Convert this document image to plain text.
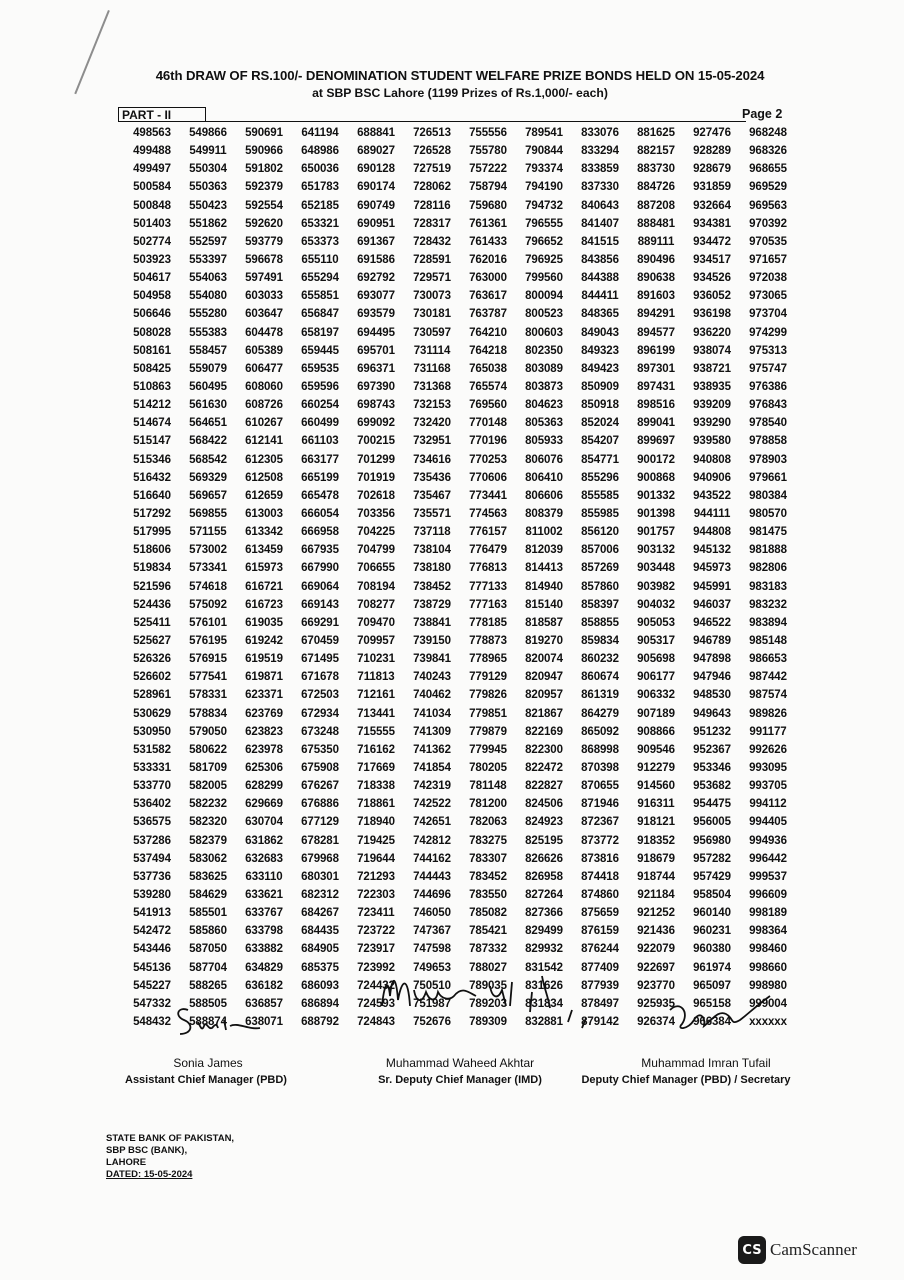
46th DRAW OF RS.100/- DENOMINATION STUDENT WELFARE PRIZE BONDS HELD ON 15-05-2024
at SBP BSC Lahore (1199 Prizes of Rs.1,000/- each)
PART - II	Page 2
498563	549866	590691	641194	688841	726513	755556	789541	833076	881625	927476	968248
499488	549911	590966	648986	689027	726528	755780	790844	833294	882157	928289	968326
499497	550304	591802	650036	690128	727519	757222	793374	833859	883730	928679	968655
500584	550363	592379	651783	690174	728062	758794	794190	837330	884726	931859	969529
500848	550423	592554	652185	690749	728116	759680	794732	840643	887208	932664	969563
501403	551862	592620	653321	690951	728317	761361	796555	841407	888481	934381	970392
502774	552597	593779	653373	691367	728432	761433	796652	841515	889111	934472	970535
503923	553397	596678	655110	691586	728591	762016	796925	843856	890496	934517	971657
504617	554063	597491	655294	692792	729571	763000	799560	844388	890638	934526	972038
504958	554080	603033	655851	693077	730073	763617	800094	844411	891603	936052	973065
506646	555280	603647	656847	693579	730181	763787	800523	848365	894291	936198	973704
508028	555383	604478	658197	694495	730597	764210	800603	849043	894577	936220	974299
508161	558457	605389	659445	695701	731114	764218	802350	849323	896199	938074	975313
508425	559079	606477	659535	696371	731168	765038	803089	849423	897301	938721	975747
510863	560495	608060	659596	697390	731368	765574	803873	850909	897431	938935	976386
514212	561630	608726	660254	698743	732153	769560	804623	850918	898516	939209	976843
514674	564651	610267	660499	699092	732420	770148	805363	852024	899041	939290	978540
515147	568422	612141	661103	700215	732951	770196	805933	854207	899697	939580	978858
515346	568542	612305	663177	701299	734616	770253	806076	854771	900172	940808	978903
516432	569329	612508	665199	701919	735436	770606	806410	855296	900868	940906	979661
516640	569657	612659	665478	702618	735467	773441	806606	855585	901332	943522	980384
517292	569855	613003	666054	703356	735571	774563	808379	855985	901398	944111	980570
517995	571155	613342	666958	704225	737118	776157	811002	856120	901757	944808	981475
518606	573002	613459	667935	704799	738104	776479	812039	857006	903132	945132	981888
519834	573341	615973	667990	706655	738180	776813	814413	857269	903448	945973	982806
521596	574618	616721	669064	708194	738452	777133	814940	857860	903982	945991	983183
524436	575092	616723	669143	708277	738729	777163	815140	858397	904032	946037	983232
525411	576101	619035	669291	709470	738841	778185	818587	858855	905053	946522	983894
525627	576195	619242	670459	709957	739150	778873	819270	859834	905317	946789	985148
526326	576915	619519	671495	710231	739841	778965	820074	860232	905698	947898	986653
526602	577541	619871	671678	711813	740243	779129	820947	860674	906177	947946	987442
528961	578331	623371	672503	712161	740462	779826	820957	861319	906332	948530	987574
530629	578834	623769	672934	713441	741034	779851	821867	864279	907189	949643	989826
530950	579050	623823	673248	715555	741309	779879	822169	865092	908866	951232	991177
531582	580622	623978	675350	716162	741362	779945	822300	868998	909546	952367	992626
533331	581709	625306	675908	717669	741854	780205	822472	870398	912279	953346	993095
533770	582005	628299	676267	718338	742319	781148	822827	870655	914560	953682	993705
536402	582232	629669	676886	718861	742522	781200	824506	871946	916311	954475	994112
536575	582320	630704	677129	718940	742651	782063	824923	872367	918121	956005	994405
537286	582379	631862	678281	719425	742812	783275	825195	873772	918352	956980	994936
537494	583062	632683	679968	719644	744162	783307	826626	873816	918679	957282	996442
537736	583625	633110	680301	721293	744443	783452	826958	874418	918744	957429	999537
539280	584629	633621	682312	722303	744696	783550	827264	874860	921184	958504	996609
541913	585501	633767	684267	723411	746050	785082	827366	875659	921252	960140	998189
542472	585860	633798	684435	723722	747367	785421	829499	876159	921436	960231	998364
543446	587050	633882	684905	723917	747598	787332	829932	876244	922079	960380	998460
545136	587704	634829	685375	723992	749653	788027	831542	877409	922697	961974	998660
545227	588265	636182	686093	724432	750510	789035	831626	877939	923770	965097	998980
547332	588505	636857	686894	724593	751987	789203	831834	878497	925935	965158	999004
548432	588874	638071	688792	724843	752676	789309	832881	879142	926374	966384	xxxxxx
Sonia James
Assistant Chief Manager (PBD)
Muhammad Waheed Akhtar
Sr. Deputy Chief Manager (IMD)
Muhammad Imran Tufail
Deputy Chief Manager (PBD) / Secretary
STATE BANK OF PAKISTAN,
SBP BSC (BANK),
LAHORE
DATED: 15-05-2024
CS CamScanner
